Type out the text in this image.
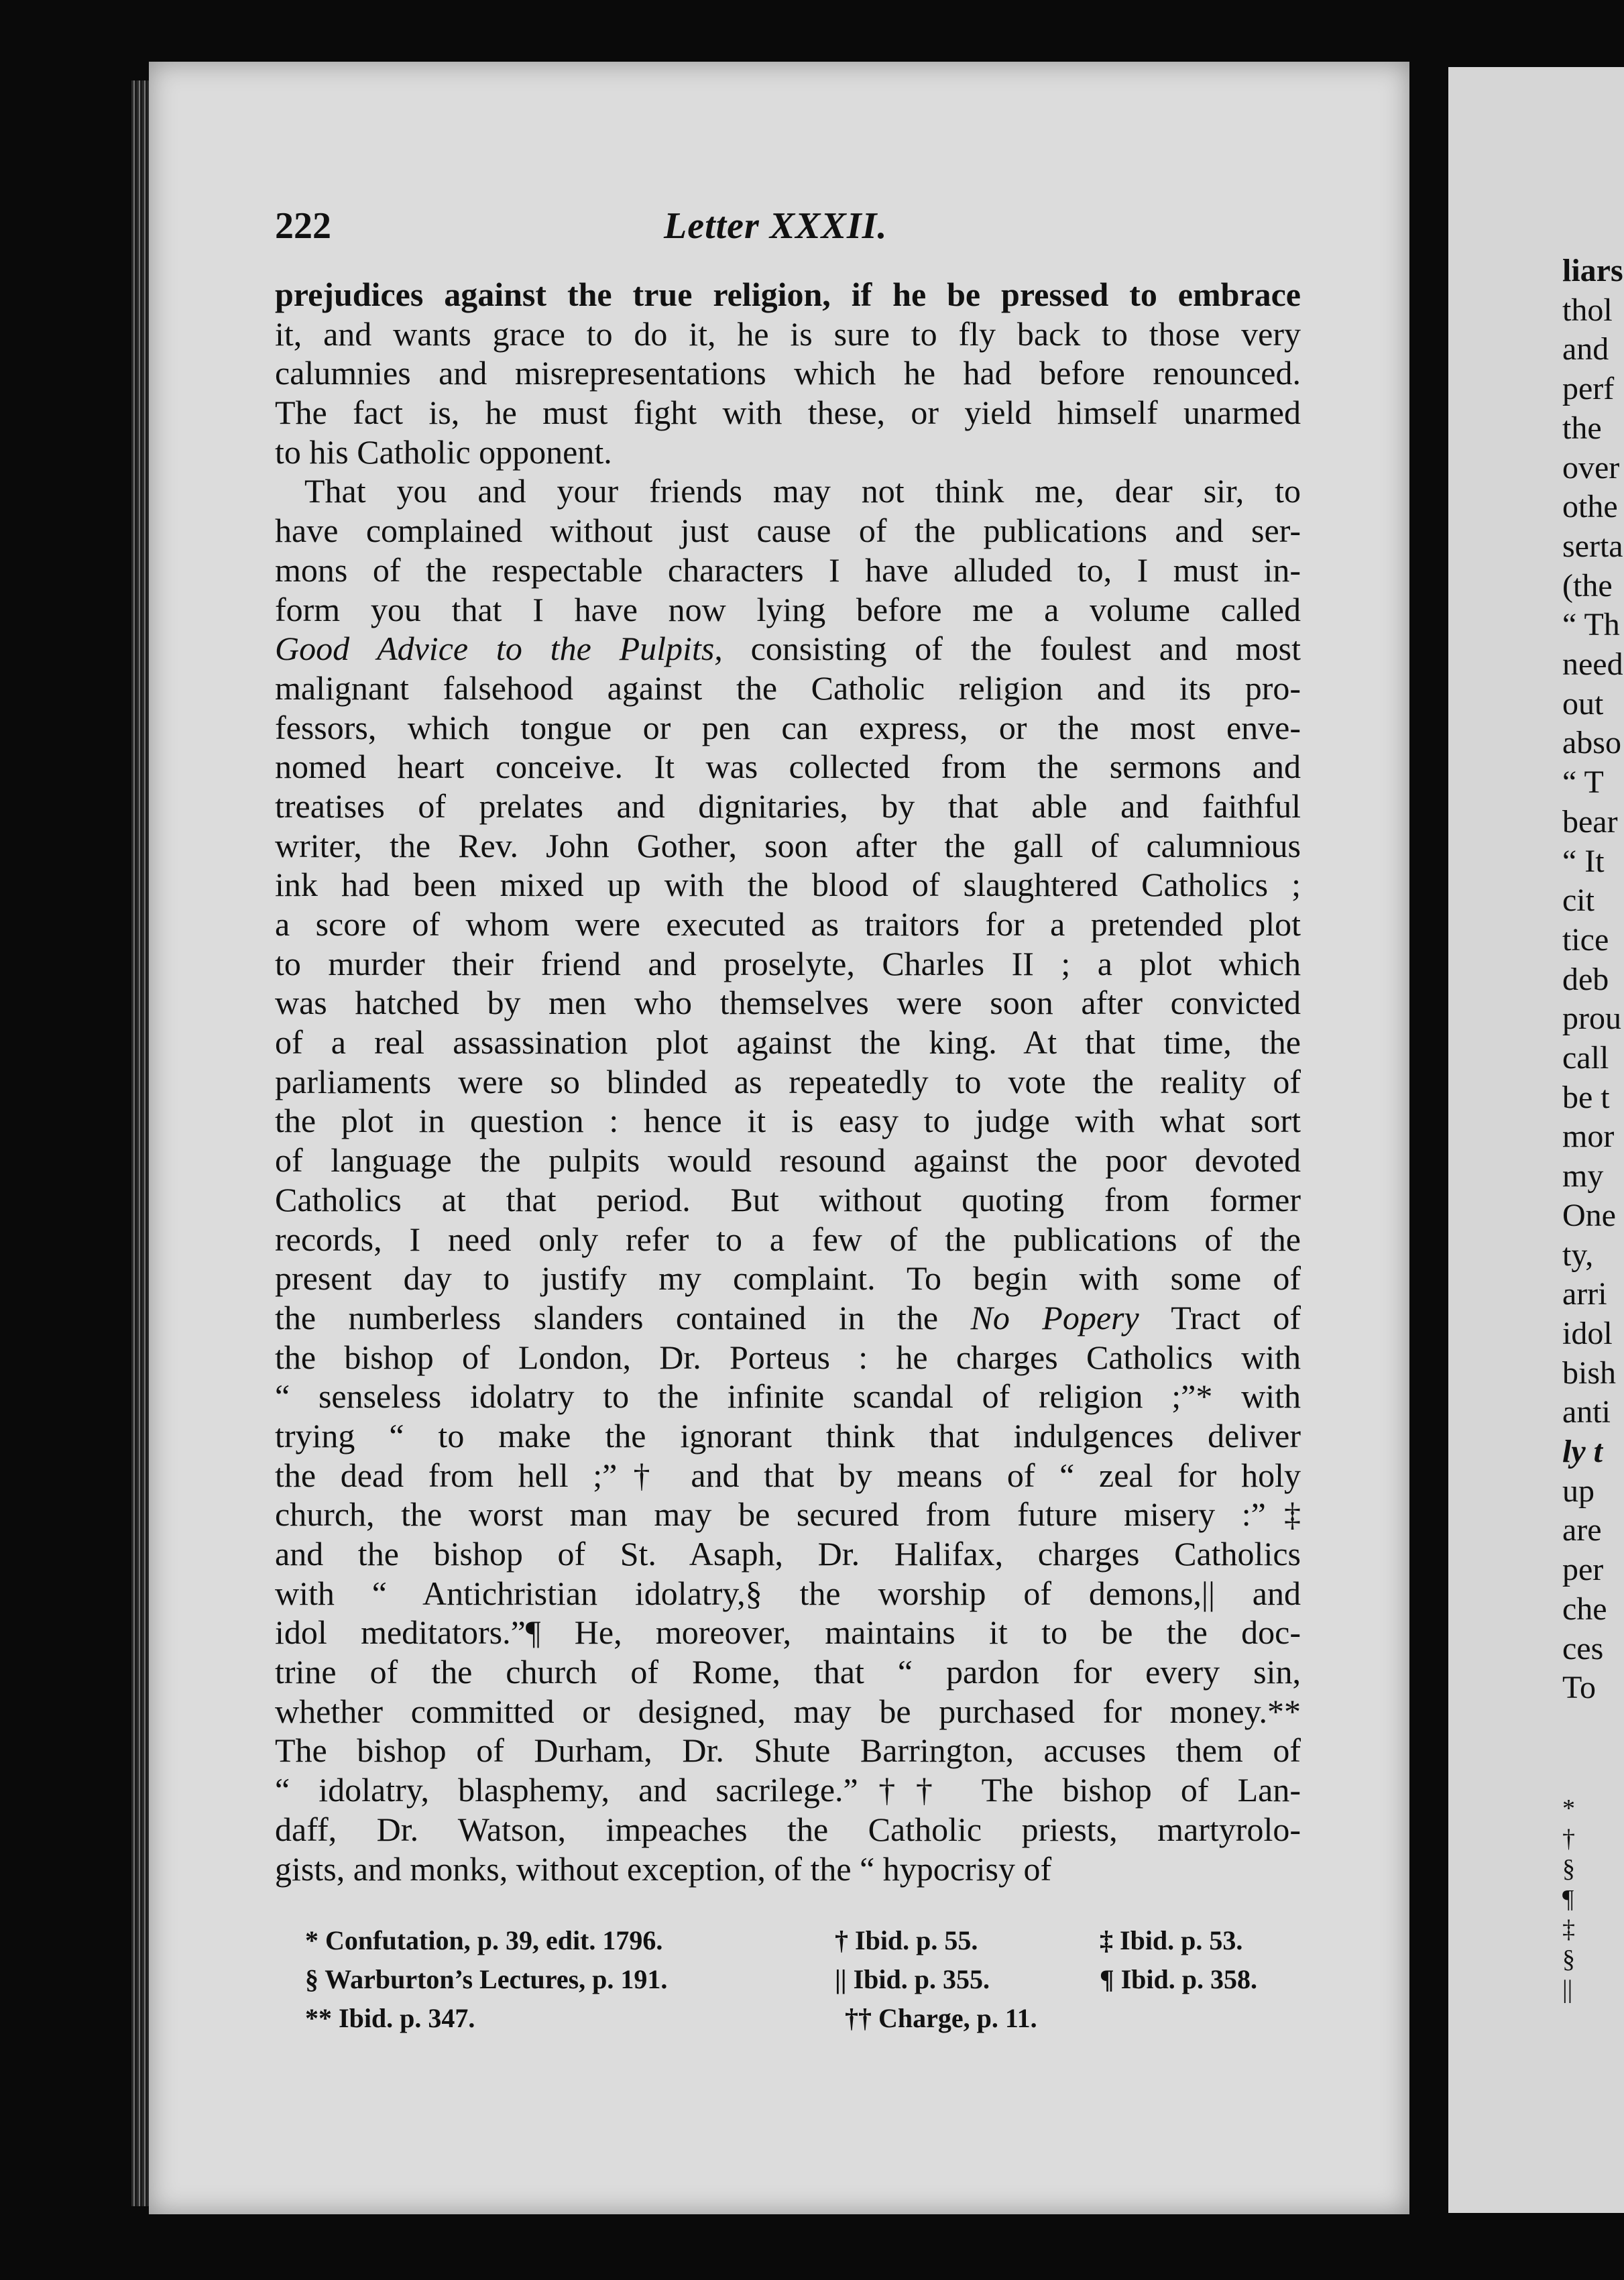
222	Letter XXXII.
prejudices against the true religion, if he be pressed to embrace
it, and wants grace to do it, he is sure to fly back to those very
calumnies and misrepresentations which he had before renounced.
The fact is, he must fight with these, or yield himself unarmed
to his Catholic opponent.
That you and your friends may not think me, dear sir, to
have complained without just cause of the publications and ser-
mons of the respectable characters I have alluded to, I must in-
form you that I have now lying before me a volume called
Good Advice to the Pulpits, consisting of the foulest and most
malignant falsehood against the Catholic religion and its pro-
fessors, which tongue or pen can express, or the most enve-
nomed heart conceive. It was collected from the sermons and
treatises of prelates and dignitaries, by that able and faithful
writer, the Rev. John Gother, soon after the gall of calumnious
ink had been mixed up with the blood of slaughtered Catholics ;
a score of whom were executed as traitors for a pretended plot
to murder their friend and proselyte, Charles II ; a plot which
was hatched by men who themselves were soon after convicted
of a real assassination plot against the king. At that time, the
parliaments were so blinded as repeatedly to vote the reality of
the plot in question : hence it is easy to judge with what sort
of language the pulpits would resound against the poor devoted
Catholics at that period. But without quoting from former
records, I need only refer to a few of the publications of the
present day to justify my complaint. To begin with some of
the numberless slanders contained in the No Popery Tract of
the bishop of London, Dr. Porteus : he charges Catholics with
“ senseless idolatry to the infinite scandal of religion ;”* with
trying “ to make the ignorant think that indulgences deliver
the dead from hell ;”† and that by means of “ zeal for holy
church, the worst man may be secured from future misery :”‡
and the bishop of St. Asaph, Dr. Halifax, charges Catholics
with “ Antichristian idolatry,§ the worship of demons,|| and
idol meditators.”¶ He, moreover, maintains it to be the doc-
trine of the church of Rome, that “ pardon for every sin,
whether committed or designed, may be purchased for money.**
The bishop of Durham, Dr. Shute Barrington, accuses them of
“ idolatry, blasphemy, and sacrilege.”†† The bishop of Lan-
daff, Dr. Watson, impeaches the Catholic priests, martyrolo-
gists, and monks, without exception, of the “ hypocrisy of
* Confutation, p. 39, edit. 1796.	† Ibid. p. 55.	‡ Ibid. p. 53.
§ Warburton’s Lectures, p. 191.	|| Ibid. p. 355.	¶ Ibid. p. 358.
** Ibid. p. 347.	†† Charge, p. 11.
liars
thol
and
perf
the
over
othe
serta
(the
“ Th
need
out
abso
“ T
bear
“ It
cit
tice
deb
prou
call
be t
mor
my
One
ty,
arri
idol
bish
anti
ly t
up
are
per
che
ces
To
*
†
§
¶
‡
§
||
